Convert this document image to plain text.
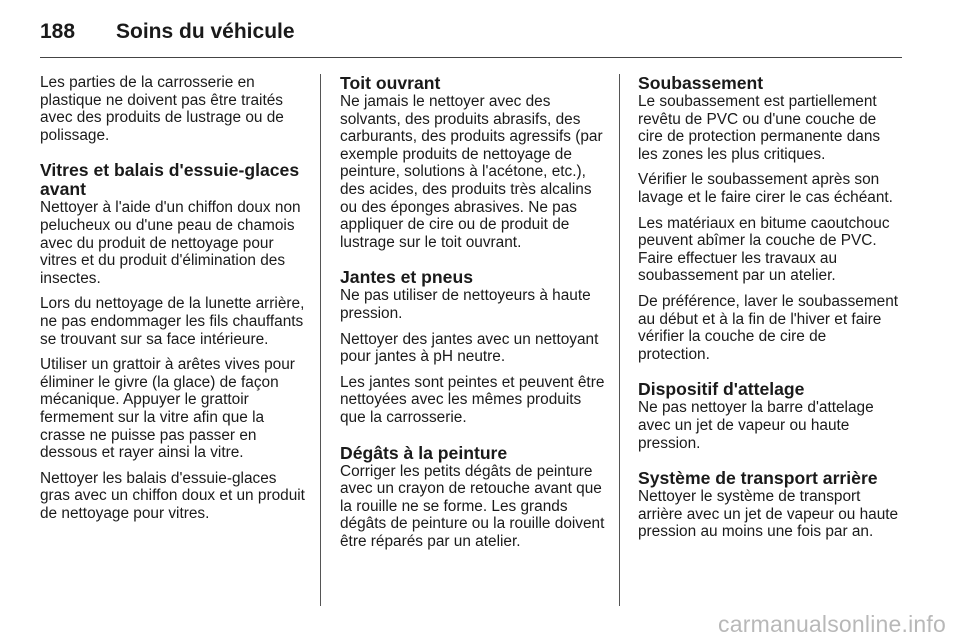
188	Soins du véhicule

Les parties de la carrosserie en plastique ne doivent pas être traités avec des produits de lustrage ou de polissage.

Vitres et balais d'essuie-glaces avant

Nettoyer à l'aide d'un chiffon doux non pelucheux ou d'une peau de chamois avec du produit de nettoyage pour vitres et du produit d'élimination des insectes.

Lors du nettoyage de la lunette arrière, ne pas endommager les fils chauffants se trouvant sur sa face intérieure.

Utiliser un grattoir à arêtes vives pour éliminer le givre (la glace) de façon mécanique. Appuyer le grattoir fermement sur la vitre afin que la crasse ne puisse pas passer en dessous et rayer ainsi la vitre.

Nettoyer les balais d'essuie-glaces gras avec un chiffon doux et un produit de nettoyage pour vitres.

Toit ouvrant

Ne jamais le nettoyer avec des solvants, des produits abrasifs, des carburants, des produits agressifs (par exemple produits de nettoyage de peinture, solutions à l'acétone, etc.), des acides, des produits très alcalins ou des éponges abrasives. Ne pas appliquer de cire ou de produit de lustrage sur le toit ouvrant.

Jantes et pneus

Ne pas utiliser de nettoyeurs à haute pression.

Nettoyer des jantes avec un nettoyant pour jantes à pH neutre.

Les jantes sont peintes et peuvent être nettoyées avec les mêmes produits que la carrosserie.

Dégâts à la peinture

Corriger les petits dégâts de peinture avec un crayon de retouche avant que la rouille ne se forme. Les grands dégâts de peinture ou la rouille doivent être réparés par un atelier.

Soubassement

Le soubassement est partiellement revêtu de PVC ou d'une couche de cire de protection permanente dans les zones les plus critiques.

Vérifier le soubassement après son lavage et le faire cirer le cas échéant.

Les matériaux en bitume caoutchouc peuvent abîmer la couche de PVC. Faire effectuer les travaux au soubassement par un atelier.

De préférence, laver le soubassement au début et à la fin de l'hiver et faire vérifier la couche de cire de protection.

Dispositif d'attelage

Ne pas nettoyer la barre d'attelage avec un jet de vapeur ou haute pression.

Système de transport arrière

Nettoyer le système de transport arrière avec un jet de vapeur ou haute pression au moins une fois par an.

carmanualsonline.info
